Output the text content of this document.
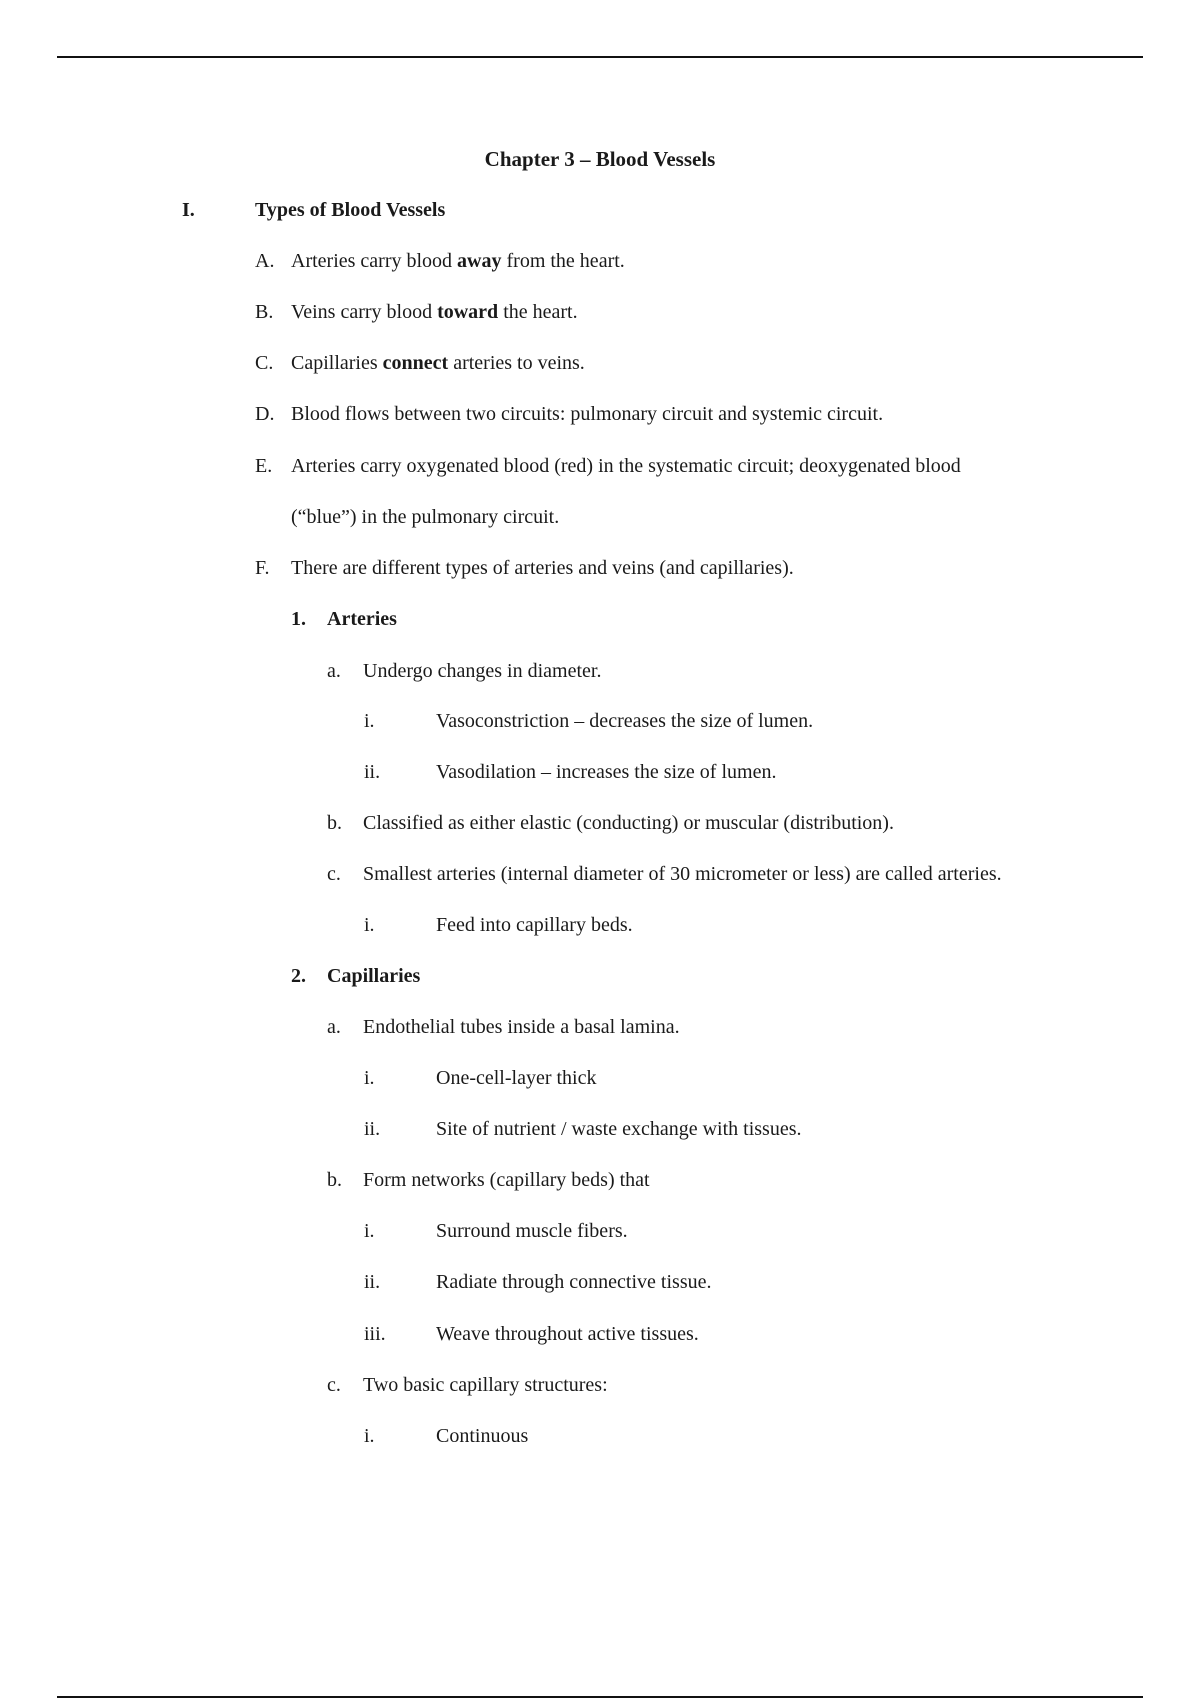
Chapter 3 – Blood Vessels
I.	Types of Blood Vessels
A. Arteries carry blood away from the heart.
B. Veins carry blood toward the heart.
C. Capillaries connect arteries to veins.
D. Blood flows between two circuits: pulmonary circuit and systemic circuit.
E. Arteries carry oxygenated blood (red) in the systematic circuit; deoxygenated blood
(“blue”) in the pulmonary circuit.
F. There are different types of arteries and veins (and capillaries).
1. Arteries
a. Undergo changes in diameter.
i.	Vasoconstriction – decreases the size of lumen.
ii.	Vasodilation – increases the size of lumen.
b. Classified as either elastic (conducting) or muscular (distribution).
c. Smallest arteries (internal diameter of 30 micrometer or less) are called arteries.
i.	Feed into capillary beds.
2. Capillaries
a. Endothelial tubes inside a basal lamina.
i.	One-cell-layer thick
ii.	Site of nutrient / waste exchange with tissues.
b. Form networks (capillary beds) that
i.	Surround muscle fibers.
ii.	Radiate through connective tissue.
iii.	Weave throughout active tissues.
c. Two basic capillary structures:
i.	Continuous
